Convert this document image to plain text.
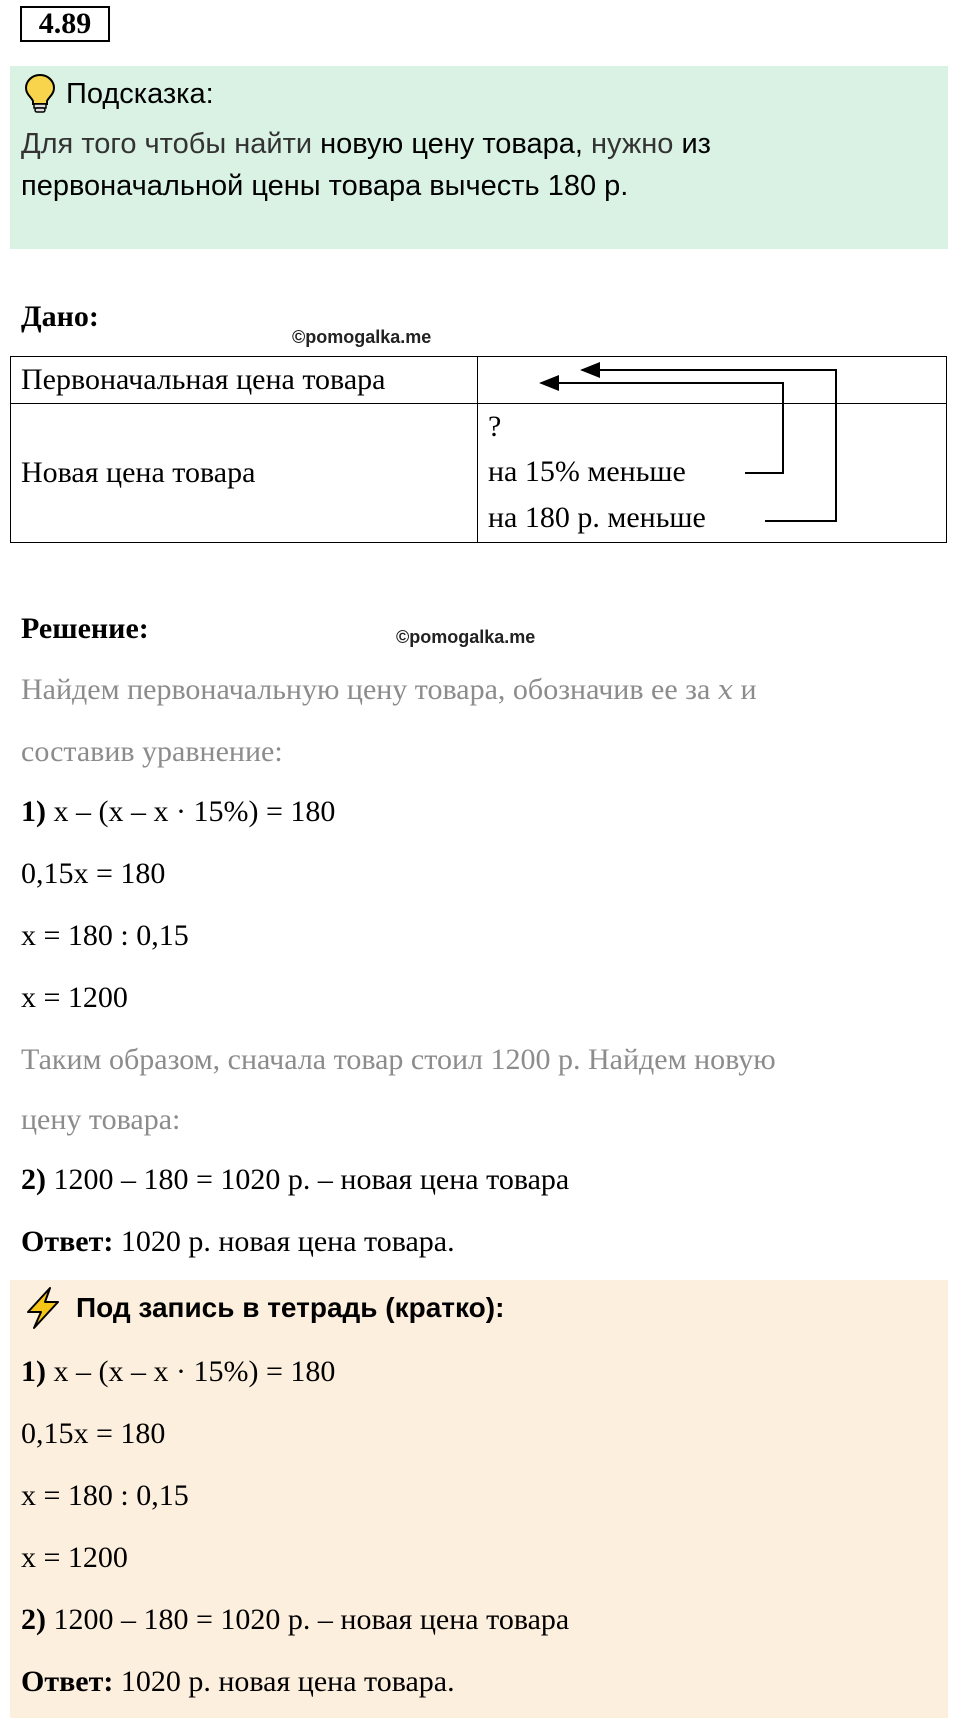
4.89
Подсказка:
Для того чтобы найти новую цену товара, нужно из
первоначальной цены товара вычесть 180 р.
Дано:
©pomogalka.me
Первоначальная цена товара	

Новая цена товара	?
на 15% меньше
на 180 р. меньше
Решение:	©pomogalka.me
Найдем первоначальную цену товара, обозначив ее за x и
составив уравнение:
1) x – (x – x · 15%) = 180
0,15x = 180
x = 180 : 0,15
x = 1200
Таким образом, сначала товар стоил 1200 р. Найдем новую
цену товара:
2) 1200 – 180 = 1020 р. – новая цена товара
Ответ: 1020 р. новая цена товара.
Под запись в тетрадь (кратко):
1) x – (x – x · 15%) = 180
0,15x = 180
x = 180 : 0,15
x = 1200
2) 1200 – 180 = 1020 р. – новая цена товара
Ответ: 1020 р. новая цена товара.
